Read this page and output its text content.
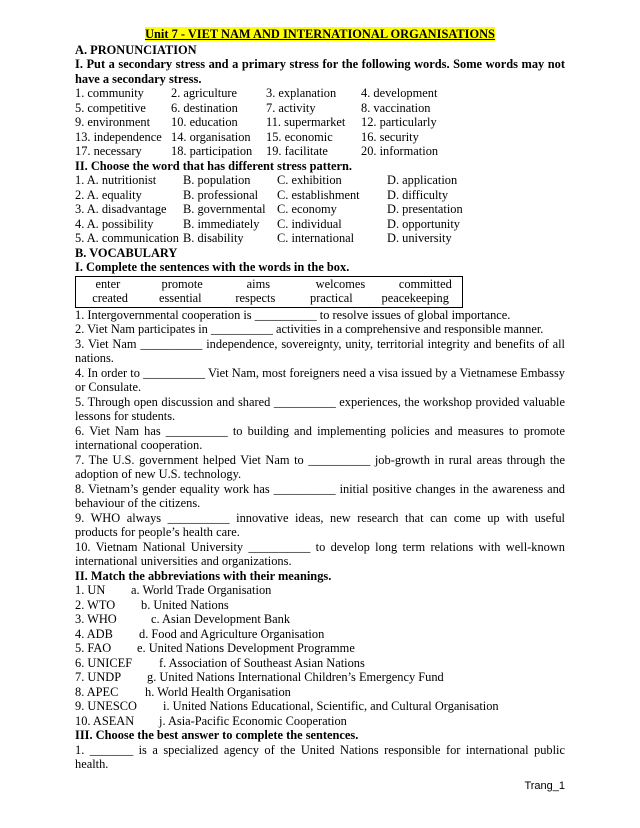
Unit 7 - VIET NAM AND INTERNATIONAL ORGANISATIONS
A. PRONUNCIATION
I. Put a secondary stress and a primary stress for the following words. Some words may not have a secondary stress.
1. community	2. agriculture	3. explanation	4. development
5. competitive	6. destination	7. activity	8. vaccination
9. environment	10. education	11. supermarket	12. particularly
13. independence 14. organisation	15. economic	16. security
17. necessary	18. participation	19. facilitate	20. information
II. Choose the word that has different stress pattern.
1. A. nutritionist	B. population	C. exhibition	D. application
2. A. equality	B. professional	C. establishment	D. difficulty
3. A. disadvantage	B. governmental C. economy	D. presentation
4. A. possibility	B. immediately	C. individual	D. opportunity
5. A. communication B. disability	C. international	D. university
B. VOCABULARY
I. Complete the sentences with the words in the box.
enter	promote	aims	welcomes	committed
created	essential	respects	practical	peacekeeping
1. Intergovernmental cooperation is __________ to resolve issues of global importance.
2. Viet Nam participates in __________ activities in a comprehensive and responsible manner.
3. Viet Nam __________ independence, sovereignty, unity, territorial integrity and benefits of all nations.
4. In order to __________ Viet Nam, most foreigners need a visa issued by a Vietnamese Embassy or Consulate.
5. Through open discussion and shared __________ experiences, the workshop provided valuable lessons for students.
6. Viet Nam has __________ to building and implementing policies and measures to promote international cooperation.
7. The U.S. government helped Viet Nam to __________ job-growth in rural areas through the adoption of new U.S. technology.
8. Vietnam’s gender equality work has __________ initial positive changes in the awareness and behaviour of the citizens.
9. WHO always __________ innovative ideas, new research that can come up with useful products for people’s health care.
10. Vietnam National University __________ to develop long term relations with well-known international universities and organizations.
II. Match the abbreviations with their meanings.
1. UN	a. World Trade Organisation
2. WTO	b. United Nations
3. WHO	c. Asian Development Bank
4. ADB	d. Food and Agriculture Organisation
5. FAO	e. United Nations Development Programme
6. UNICEF	f. Association of Southeast Asian Nations
7. UNDP	g. United Nations International Children’s Emergency Fund
8. APEC	h. World Health Organisation
9. UNESCO	i. United Nations Educational, Scientific, and Cultural Organisation
10. ASEAN	j. Asia-Pacific Economic Cooperation
III. Choose the best answer to complete the sentences.
1. _______ is a specialized agency of the United Nations responsible for international public health.
Trang_1
